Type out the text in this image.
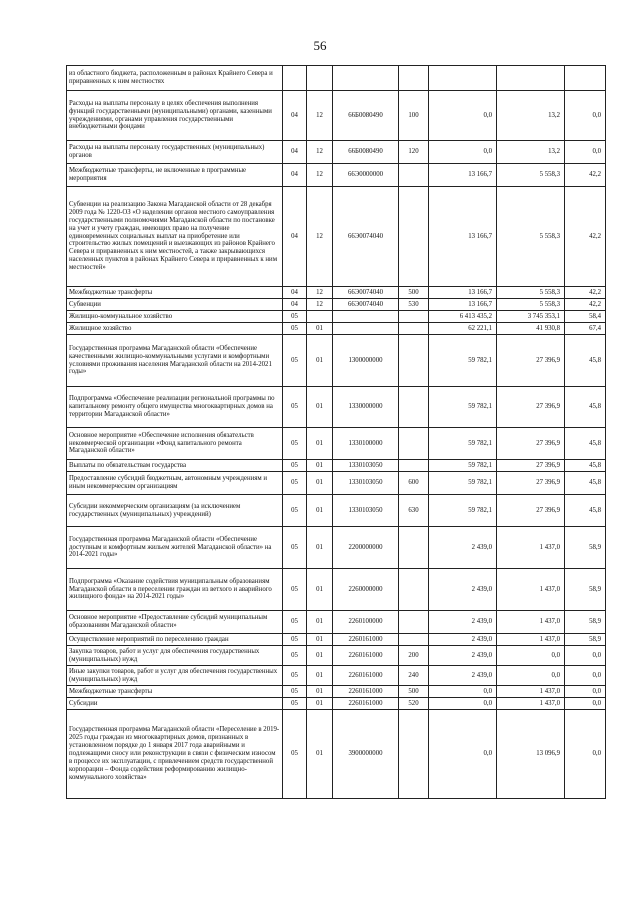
56
из областного бюджета, расположенным в районах Крайнего Севера и приравненных к ним местностях							
Расходы на выплаты персоналу в целях обеспечения выполнения функций государственными (муниципальными) органами, казенными учреждениями, органами управления государственными внебюджетными фондами	04	12	66Б0080490	100	0,0	13,2	0,0
Расходы на выплаты персоналу государственных (муниципальных) органов	04	12	66Б0080490	120	0,0	13,2	0,0
Межбюджетные трансферты, не включенные в программные мероприятия	04	12	66Э0000000		13 166,7	5 558,3	42,2
Субвенции на реализацию Закона Магаданской области от 28 декабря 2009 года № 1220-ОЗ «О наделении органов местного самоуправления государственными полномочиями Магаданской области по постановке на учет и учету граждан, имеющих право на получение единовременных социальных выплат на приобретение или строительство жилых помещений и выезжающих из районов Крайнего Севера и приравненных к ним местностей, а также закрывающихся населенных пунктов в районах Крайнего Севера и приравненных к ним местностей»	04	12	66Э0074040		13 166,7	5 558,3	42,2
Межбюджетные трансферты	04	12	66Э0074040	500	13 166,7	5 558,3	42,2
Субвенции	04	12	66Э0074040	530	13 166,7	5 558,3	42,2
Жилищно-коммунальное хозяйство	05				6 413 435,2	3 745 353,1	58,4
Жилищное хозяйство	05	01			62 221,1	41 930,8	67,4
Государственная программа Магаданской области «Обеспечение качественными жилищно-коммунальными услугами и комфортными условиями проживания населения Магаданской области на 2014-2021 годы»	05	01	1300000000		59 782,1	27 396,9	45,8
Подпрограмма «Обеспечение реализации региональной программы по капитальному ремонту общего имущества многоквартирных домов на территории Магаданской области»	05	01	1330000000		59 782,1	27 396,9	45,8
Основное мероприятие «Обеспечение исполнения обязательств некоммерческой организации «Фонд капитального ремонта Магаданской области»	05	01	1330100000		59 782,1	27 396,9	45,8
Выплаты по обязательствам государства	05	01	1330103050		59 782,1	27 396,9	45,8
Предоставление субсидий бюджетным, автономным учреждениям и иным некоммерческим организациям	05	01	1330103050	600	59 782,1	27 396,9	45,8
Субсидии некоммерческим организациям (за исключением государственных (муниципальных) учреждений)	05	01	1330103050	630	59 782,1	27 396,9	45,8
Государственная программа Магаданской области «Обеспечение доступным и комфортным жильем жителей Магаданской области» на 2014-2021 годы»	05	01	2200000000		2 439,0	1 437,0	58,9
Подпрограмма «Оказание содействия муниципальным образованиям Магаданской области в переселении граждан из ветхого и аварийного жилищного фонда» на 2014-2021 годы»	05	01	2260000000		2 439,0	1 437,0	58,9
Основное мероприятие «Предоставление субсидий муниципальным образованиям Магаданской области»	05	01	2260100000		2 439,0	1 437,0	58,9
Осуществление мероприятий по переселению граждан	05	01	2260161000		2 439,0	1 437,0	58,9
Закупка товаров, работ и услуг для обеспечения государственных (муниципальных) нужд	05	01	2260161000	200	2 439,0	0,0	0,0
Иные закупки товаров, работ и услуг для обеспечения государственных (муниципальных) нужд	05	01	2260161000	240	2 439,0	0,0	0,0
Межбюджетные трансферты	05	01	2260161000	500	0,0	1 437,0	0,0
Субсидии	05	01	2260161000	520	0,0	1 437,0	0,0
Государственная программа Магаданской области «Переселение в 2019-2025 годы граждан из многоквартирных домов, признанных в установленном порядке до 1 января 2017 года аварийными и подлежащими сносу или реконструкции в связи с физическим износом в процессе их эксплуатации, с привлечением средств государственной корпорации – Фонда содействия реформированию жилищно-коммунального хозяйства»	05	01	3900000000		0,0	13 096,9	0,0
